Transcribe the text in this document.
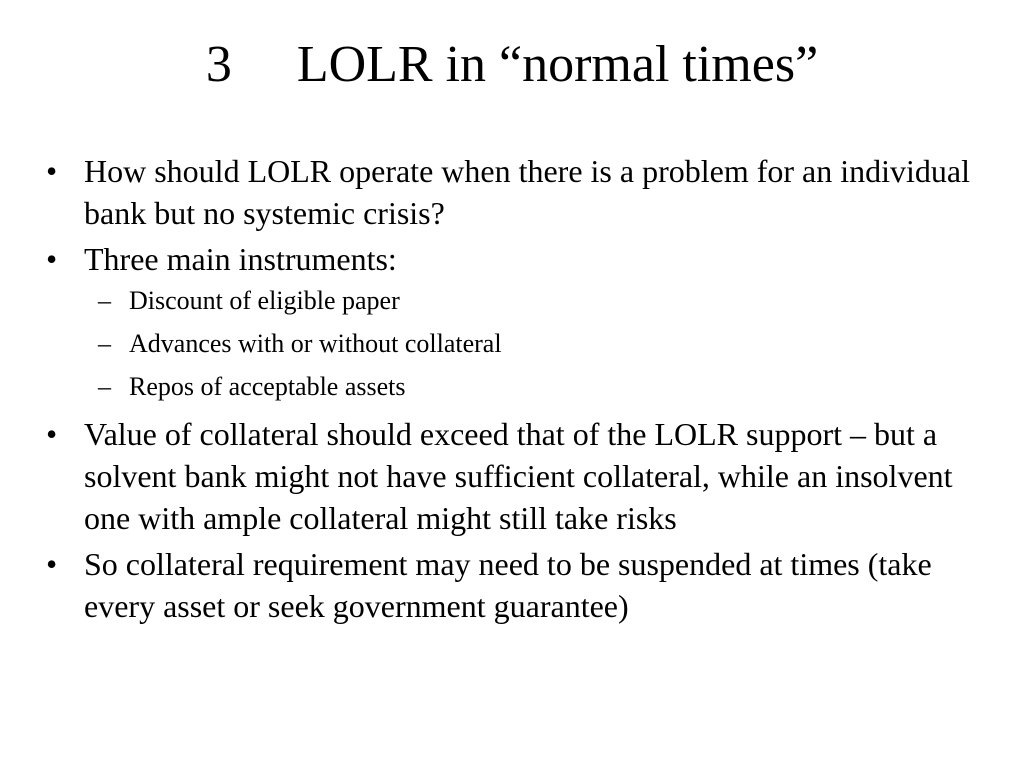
3     LOLR in “normal times”
• How should LOLR operate when there is a problem for an individual bank but no systemic crisis?
• Three main instruments:
– Discount of eligible paper
– Advances with or without collateral
– Repos of acceptable assets
• Value of collateral should exceed that of the LOLR support – but a solvent bank might not have sufficient collateral, while an insolvent one with ample collateral might still take risks
• So collateral requirement may need to be suspended at times (take every asset or seek government guarantee)
